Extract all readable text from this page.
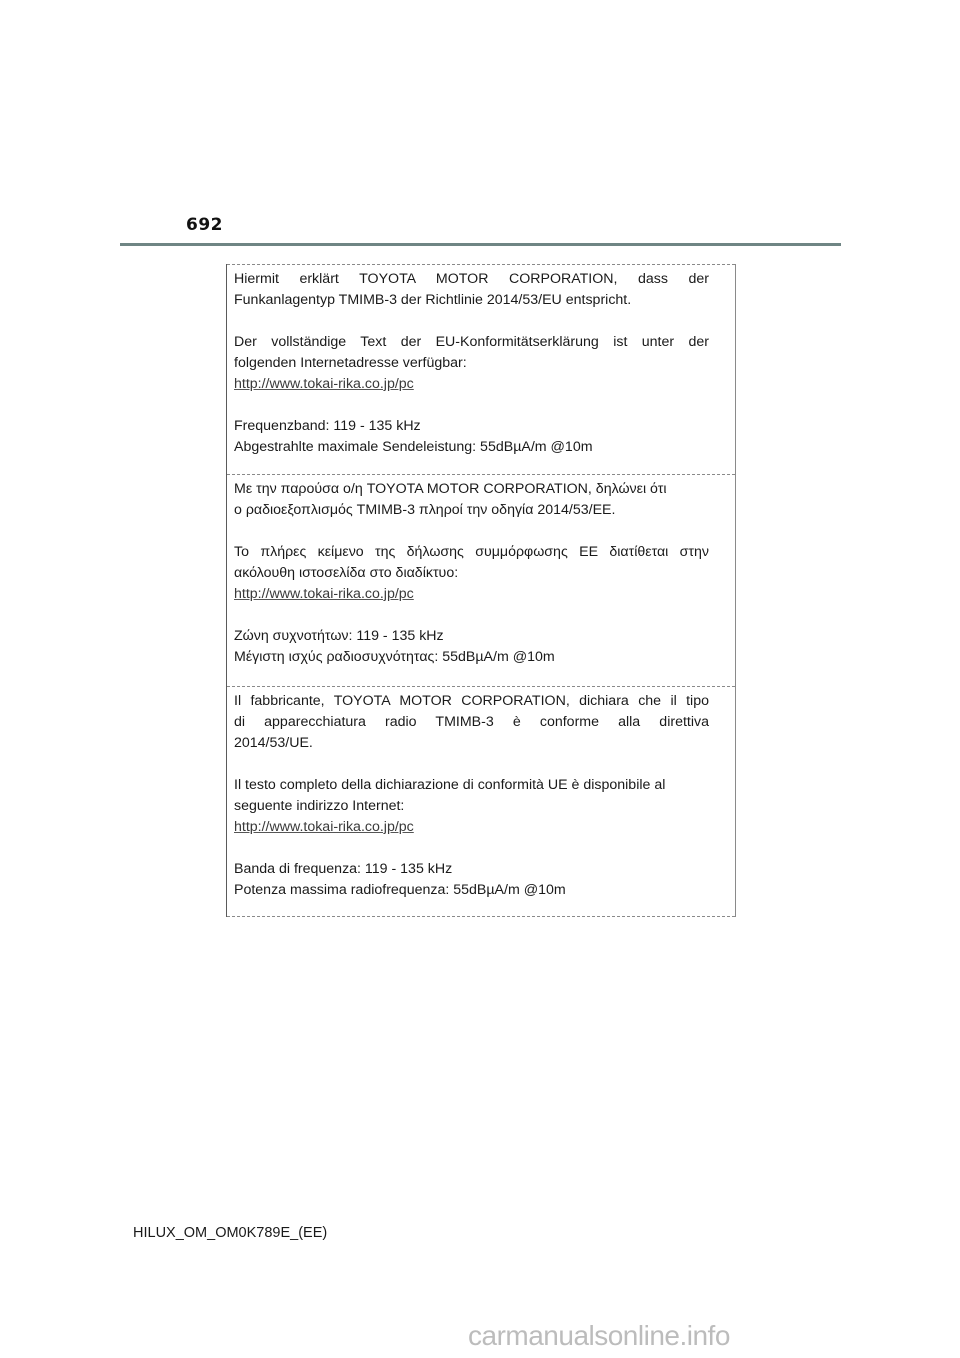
692

Hiermit erklärt TOYOTA MOTOR CORPORATION, dass der

Funkanlagentyp TMIMB-3 der Richtlinie 2014/53/EU entspricht.

Der vollständige Text der EU-Konformitätserklärung ist unter der

folgenden Internetadresse verfügbar:

http://www.tokai-rika.co.jp/pc

Frequenzband: 119 - 135 kHz

Abgestrahlte maximale Sendeleistung: 55dBµA/m @10m

Με την παρούσα ο/η TOYOTA MOTOR CORPORATION, δηλώνει ότι

ο ραδιοεξοπλισμός TMIMB-3 πληροί την οδηγία 2014/53/ΕΕ.

Το πλήρες κείμενο της δήλωσης συμμόρφωσης ΕΕ διατίθεται στην

ακόλουθη ιστοσελίδα στο διαδίκτυο:

http://www.tokai-rika.co.jp/pc

Ζώνη συχνοτήτων: 119 - 135 kHz

Μέγιστη ισχύς ραδιοσυχνότητας: 55dBµA/m @10m

Il fabbricante, TOYOTA MOTOR CORPORATION, dichiara che il tipo

di apparecchiatura radio TMIMB-3 è conforme alla direttiva

2014/53/UE.

Il testo completo della dichiarazione di conformità UE è disponibile al

seguente indirizzo Internet:

http://www.tokai-rika.co.jp/pc

Banda di frequenza: 119 - 135 kHz

Potenza massima radiofrequenza: 55dBµA/m @10m

HILUX_OM_OM0K789E_(EE)
carmanualsonline.info
